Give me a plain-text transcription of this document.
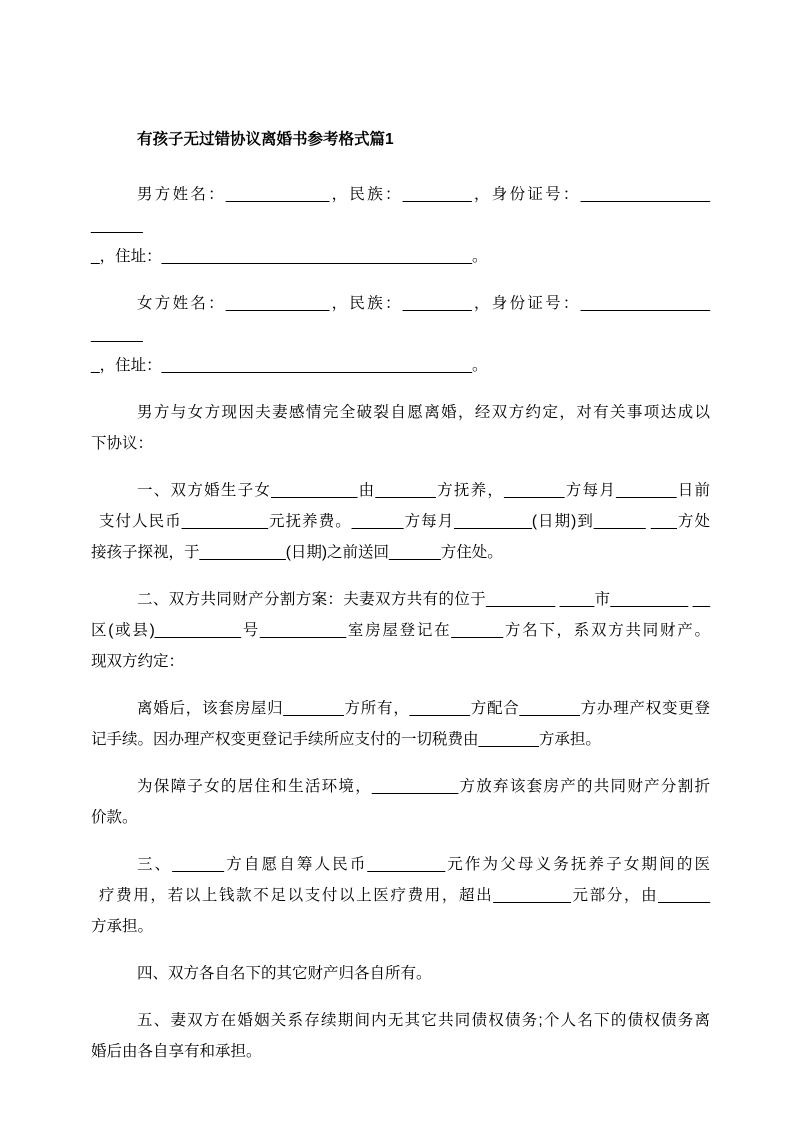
有孩子无过错协议离婚书参考格式篇1

男方姓名：____________，民族：________，身份证号：_______________ ______
_，住址：____________________________________。

女方姓名：____________，民族：________，身份证号：_______________ ______
_，住址：____________________________________。

男方与女方现因夫妻感情完全破裂自愿离婚，经双方约定，对有关事项达成以
下协议：

一、双方婚生子女__________由_______方抚养，_______方每月_______日前
支付人民币__________元抚养费。______方每月_________(日期)到______ ___方处
接孩子探视，于__________(日期)之前送回______方住处。

二、双方共同财产分割方案：夫妻双方共有的位于________ ____市_________ __
区(或县)__________号__________室房屋登记在______方名下，系双方共同财产。
现双方约定：

离婚后，该套房屋归_______方所有，_______方配合_______方办理产权变更登
记手续。因办理产权变更登记手续所应支付的一切税费由_______方承担。

为保障子女的居住和生活环境，__________方放弃该套房产的共同财产分割折
价款。

三、______方自愿自筹人民币_________元作为父母义务抚养子女期间的医
疗费用，若以上钱款不足以支付以上医疗费用，超出_________元部分，由______
方承担。

四、双方各自名下的其它财产归各自所有。

五、妻双方在婚姻关系存续期间内无其它共同债权债务;个人名下的债权债务离
婚后由各自享有和承担。
